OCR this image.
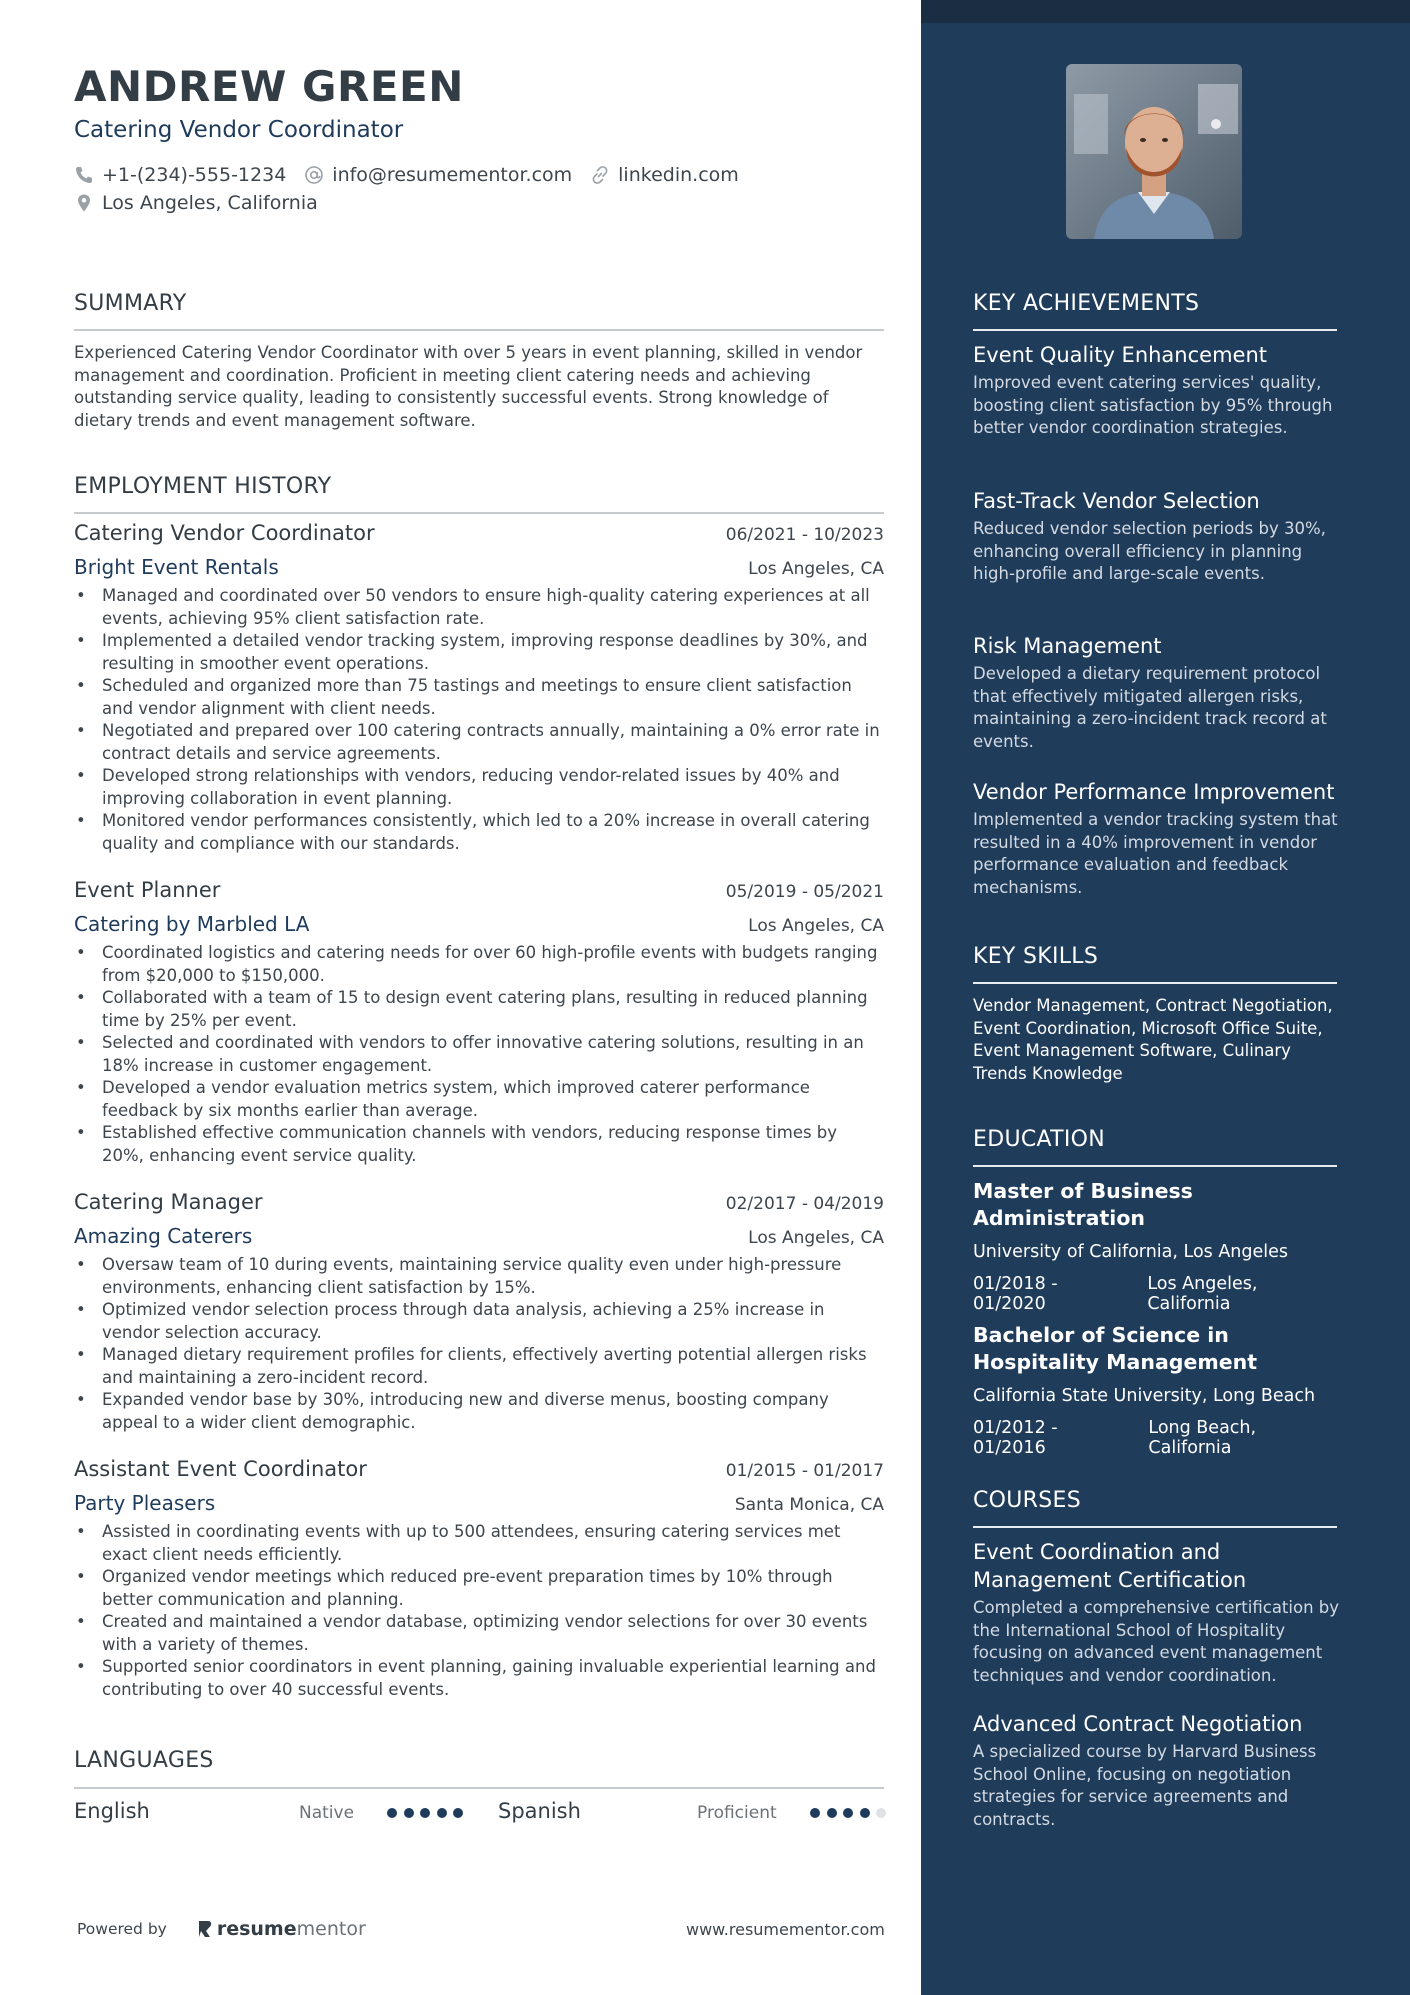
ANDREW GREEN
Catering Vendor Coordinator
+1-(234)-555-1234 info@resumementor.com linkedin.com
Los Angeles, California
SUMMARY
Experienced Catering Vendor Coordinator with over 5 years in event planning, skilled in vendor management and coordination. Proficient in meeting client catering needs and achieving outstanding service quality, leading to consistently successful events. Strong knowledge of dietary trends and event management software.
EMPLOYMENT HISTORY
Catering Vendor Coordinator	06/2021 - 10/2023
Bright Event Rentals	Los Angeles, CA
• Managed and coordinated over 50 vendors to ensure high-quality catering experiences at all events, achieving 95% client satisfaction rate.
• Implemented a detailed vendor tracking system, improving response deadlines by 30%, and resulting in smoother event operations.
• Scheduled and organized more than 75 tastings and meetings to ensure client satisfaction and vendor alignment with client needs.
• Negotiated and prepared over 100 catering contracts annually, maintaining a 0% error rate in contract details and service agreements.
• Developed strong relationships with vendors, reducing vendor-related issues by 40% and improving collaboration in event planning.
• Monitored vendor performances consistently, which led to a 20% increase in overall catering quality and compliance with our standards.
Event Planner	05/2019 - 05/2021
Catering by Marbled LA	Los Angeles, CA
• Coordinated logistics and catering needs for over 60 high-profile events with budgets ranging from $20,000 to $150,000.
• Collaborated with a team of 15 to design event catering plans, resulting in reduced planning time by 25% per event.
• Selected and coordinated with vendors to offer innovative catering solutions, resulting in an 18% increase in customer engagement.
• Developed a vendor evaluation metrics system, which improved caterer performance feedback by six months earlier than average.
• Established effective communication channels with vendors, reducing response times by 20%, enhancing event service quality.
Catering Manager	02/2017 - 04/2019
Amazing Caterers	Los Angeles, CA
• Oversaw team of 10 during events, maintaining service quality even under high-pressure environments, enhancing client satisfaction by 15%.
• Optimized vendor selection process through data analysis, achieving a 25% increase in vendor selection accuracy.
• Managed dietary requirement profiles for clients, effectively averting potential allergen risks and maintaining a zero-incident record.
• Expanded vendor base by 30%, introducing new and diverse menus, boosting company appeal to a wider client demographic.
Assistant Event Coordinator	01/2015 - 01/2017
Party Pleasers	Santa Monica, CA
• Assisted in coordinating events with up to 500 attendees, ensuring catering services met exact client needs efficiently.
• Organized vendor meetings which reduced pre-event preparation times by 10% through better communication and planning.
• Created and maintained a vendor database, optimizing vendor selections for over 30 events with a variety of themes.
• Supported senior coordinators in event planning, gaining invaluable experiential learning and contributing to over 40 successful events.
LANGUAGES
English	Native	Spanish	Proficient
Powered by	resume mentor	www.resumementor.com
KEY ACHIEVEMENTS
Event Quality Enhancement
Improved event catering services' quality, boosting client satisfaction by 95% through better vendor coordination strategies.
Fast-Track Vendor Selection
Reduced vendor selection periods by 30%, enhancing overall efficiency in planning high-profile and large-scale events.
Risk Management
Developed a dietary requirement protocol that effectively mitigated allergen risks, maintaining a zero-incident track record at events.
Vendor Performance Improvement
Implemented a vendor tracking system that resulted in a 40% improvement in vendor performance evaluation and feedback mechanisms.
KEY SKILLS
Vendor Management, Contract Negotiation, Event Coordination, Microsoft Office Suite, Event Management Software, Culinary Trends Knowledge
EDUCATION
Master of Business Administration
University of California, Los Angeles
01/2018 - 01/2020
Los Angeles, California
Bachelor of Science in Hospitality Management
California State University, Long Beach
01/2012 - 01/2016
Long Beach, California
COURSES
Event Coordination and Management Certification
Completed a comprehensive certification by the International School of Hospitality focusing on advanced event management techniques and vendor coordination.
Advanced Contract Negotiation
A specialized course by Harvard Business School Online, focusing on negotiation strategies for service agreements and contracts.
